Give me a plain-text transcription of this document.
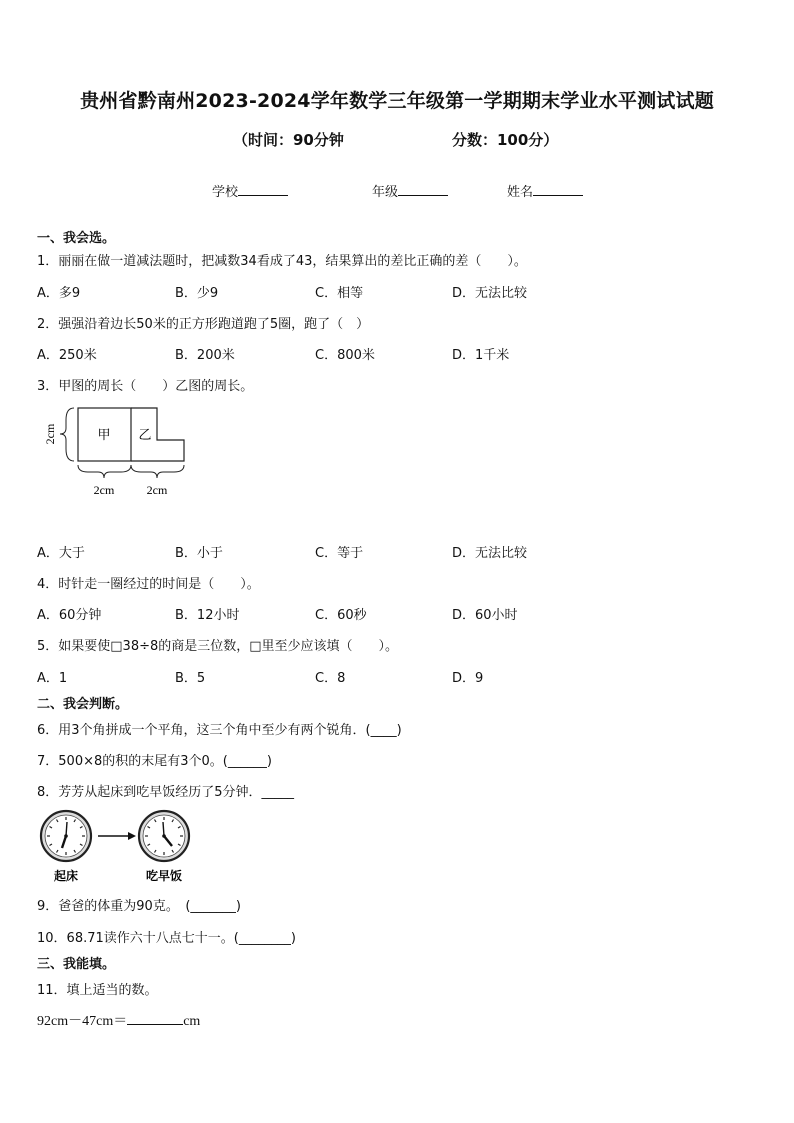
贵州省黔南州2023-2024学年数学三年级第一学期期末学业水平测试试题
（时间：90分钟	分数：100分）
学校	年级	姓名
一、我会选。
1．丽丽在做一道减法题时，把减数34看成了43，结果算出的差比正确的差（　　）。
A．多9	B．少9	C．相等	D．无法比较
2．强强沿着边长50米的正方形跑道跑了5圈，跑了（　）
A．250米	B．200米	C．800米	D．1千米
3．甲图的周长（　　）乙图的周长。
2cm
2cm	2cm
甲 乙
A．大于	B．小于	C．等于	D．无法比较
4．时针走一圈经过的时间是（　　）。
A．60分钟	B．12小时	C．60秒	D．60小时
5．如果要使□38÷8的商是三位数，□里至少应该填（　　）。
A．1	B．5	C．8	D．9
二、我会判断。
6．用3个角拼成一个平角，这三个角中至少有两个锐角．(____)
7．500×8的积的末尾有3个0。(______)
8．芳芳从起床到吃早饭经历了5分钟．_____
起床	吃早饭
9．爸爸的体重为90克。　(_______)
10．68.71读作六十八点七十一。(________)
三、我能填。
11．填上适当的数。
92cm－47cm＝	cm
